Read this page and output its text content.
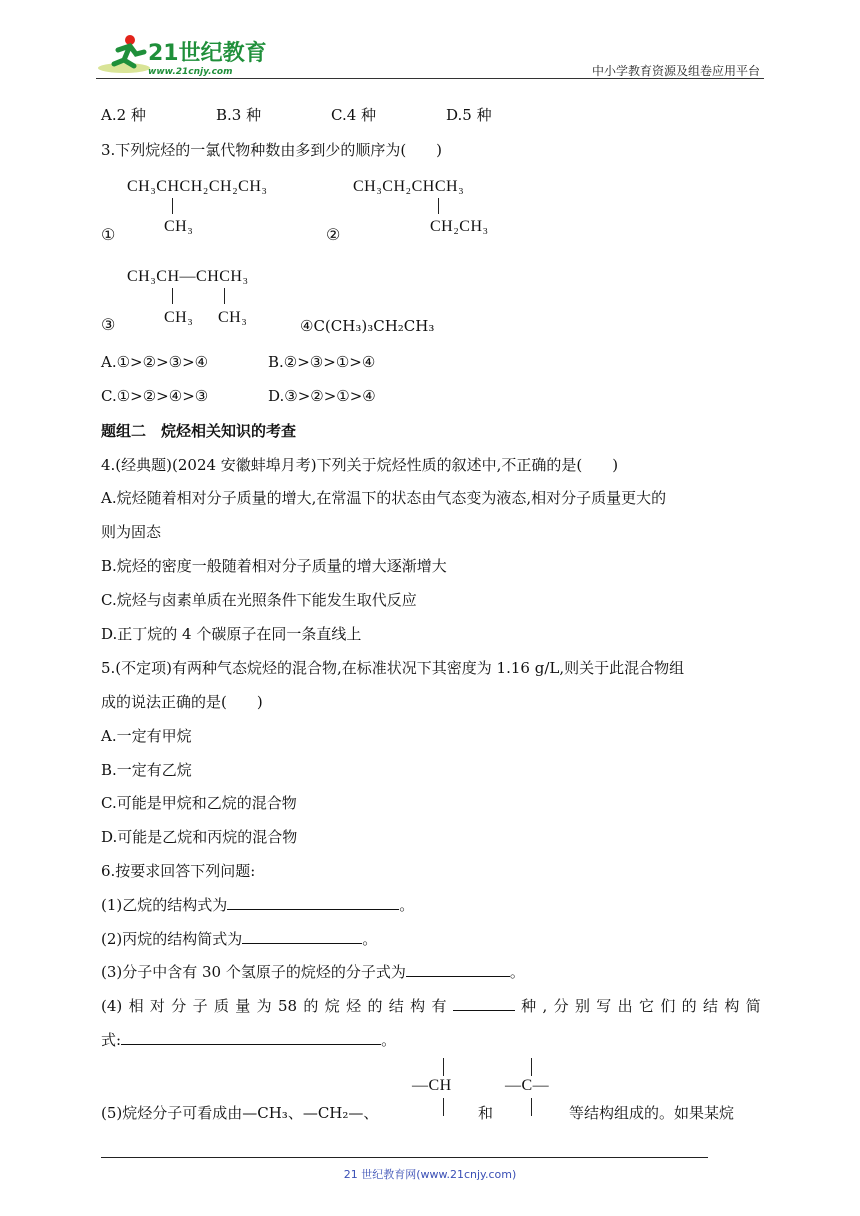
21世纪教育
www.21cnjy.com	中小学教育资源及组卷应用平台
A.2 种	B.3 种	C.4 种	D.5 种
3.下列烷烃的一氯代物种数由多到少的顺序为(　　)
CH₃CHCH₂CH₂CH₃
CH₃
①
CH₃CH₂CHCH₃
CH₂CH₃
②
CH₃CH—CHCH₃
CH₃ CH₃
③	④C(CH₃)₃CH₂CH₃
A.①>②>③>④	B.②>③>①>④
C.①>②>④>③	D.③>②>①>④
题组二　烷烃相关知识的考查
4.(经典题)(2024 安徽蚌埠月考)下列关于烷烃性质的叙述中,不正确的是(　　)
A.烷烃随着相对分子质量的增大,在常温下的状态由气态变为液态,相对分子质量更大的
则为固态
B.烷烃的密度一般随着相对分子质量的增大逐渐增大
C.烷烃与卤素单质在光照条件下能发生取代反应
D.正丁烷的 4 个碳原子在同一条直线上
5.(不定项)有两种气态烷烃的混合物,在标准状况下其密度为 1.16 g/L,则关于此混合物组
成的说法正确的是(　　)
A.一定有甲烷
B.一定有乙烷
C.可能是甲烷和乙烷的混合物
D.可能是乙烷和丙烷的混合物
6.按要求回答下列问题:
(1)乙烷的结构式为	。
(2)丙烷的结构简式为	。
(3)分子中含有 30 个氢原子的烷烃的分子式为	。
(4) 相 对 分 子 质 量 为 58 的 烷 烃 的 结 构 有	种 , 分 别 写 出 它 们 的 结 构 简
式:	。
—CH	—C—
(5)烷烃分子可看成由—CH₃、—CH₂—、	和	等结构组成的。如果某烷
21 世纪教育网(www.21cnjy.com)
